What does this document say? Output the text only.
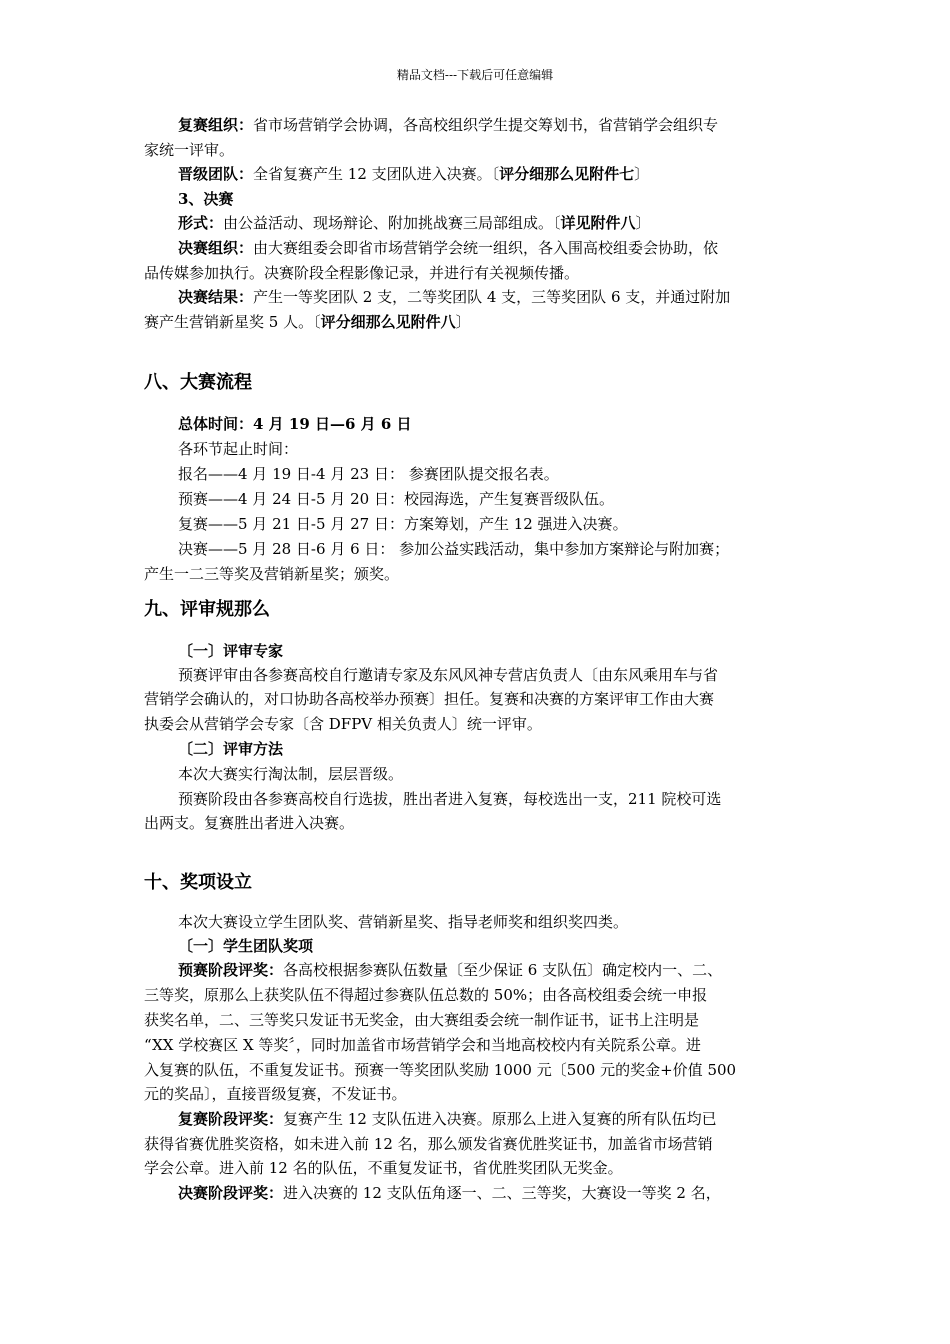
精品文档---下载后可任意编辑
复赛组织：省市场营销学会协调，各高校组织学生提交筹划书，省营销学会组织专
家统一评审。
晋级团队：全省复赛产生 12 支团队进入决赛。〔评分细那么见附件七〕
3、决赛
形式：由公益活动、现场辩论、附加挑战赛三局部组成。〔详见附件八〕
决赛组织：由大赛组委会即省市场营销学会统一组织，各入围高校组委会协助，依
品传媒参加执行。决赛阶段全程影像记录，并进行有关视频传播。
决赛结果：产生一等奖团队 2 支，二等奖团队 4 支，三等奖团队 6 支，并通过附加
赛产生营销新星奖 5 人。〔评分细那么见附件八〕
八、大赛流程
总体时间：4 月 19 日—6 月 6 日
各环节起止时间：
报名——4 月 19 日-4 月 23 日： 参赛团队提交报名表。
预赛——4 月 24 日-5 月 20 日：校园海选，产生复赛晋级队伍。
复赛——5 月 21 日-5 月 27 日：方案筹划，产生 12 强进入决赛。
决赛——5 月 28 日-6 月 6 日： 参加公益实践活动，集中参加方案辩论与附加赛；
产生一二三等奖及营销新星奖；颁奖。
九、评审规那么
〔一〕评审专家
预赛评审由各参赛高校自行邀请专家及东风风神专营店负责人〔由东风乘用车与省
营销学会确认的，对口协助各高校举办预赛〕担任。复赛和决赛的方案评审工作由大赛
执委会从营销学会专家〔含 DFPV 相关负责人〕统一评审。
〔二〕评审方法
本次大赛实行淘汰制，层层晋级。
预赛阶段由各参赛高校自行选拔，胜出者进入复赛，每校选出一支，211 院校可选
出两支。复赛胜出者进入决赛。
十、奖项设立
本次大赛设立学生团队奖、营销新星奖、指导老师奖和组织奖四类。
〔一〕学生团队奖项
预赛阶段评奖：各高校根据参赛队伍数量〔至少保证 6 支队伍〕确定校内一、二、
三等奖，原那么上获奖队伍不得超过参赛队伍总数的 50%；由各高校组委会统一申报
获奖名单，二、三等奖只发证书无奖金，由大赛组委会统一制作证书，证书上注明是
“XX 学校赛区 X 等奖〞，同时加盖省市场营销学会和当地高校校内有关院系公章。进
入复赛的队伍，不重复发证书。预赛一等奖团队奖励 1000 元〔500 元的奖金+价值 500
元的奖品〕，直接晋级复赛，不发证书。
复赛阶段评奖：复赛产生 12 支队伍进入决赛。原那么上进入复赛的所有队伍均已
获得省赛优胜奖资格，如未进入前 12 名，那么颁发省赛优胜奖证书，加盖省市场营销
学会公章。进入前 12 名的队伍，不重复发证书，省优胜奖团队无奖金。
决赛阶段评奖：进入决赛的 12 支队伍角逐一、二、三等奖，大赛设一等奖 2 名，
